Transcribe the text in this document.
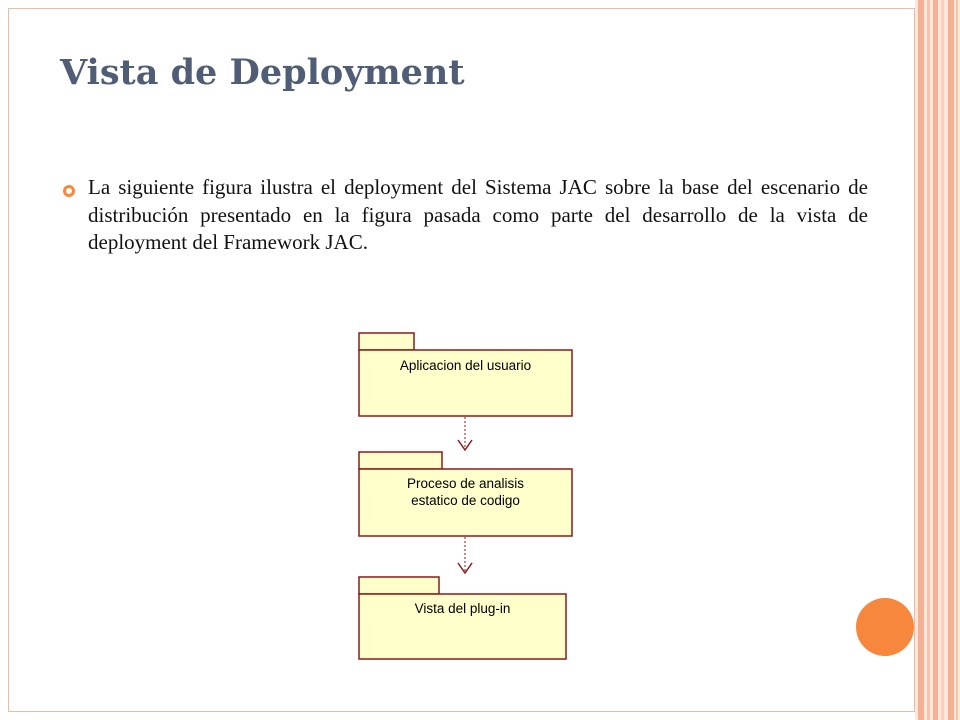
Vista de Deployment

La siguiente figura ilustra el deployment del Sistema JAC sobre la base del escenario de distribución presentado en la figura pasada como parte del desarrollo de la vista de deployment del Framework JAC.

Aplicacion del usuario
Proceso de analisis
estatico de codigo
Vista del plug-in
